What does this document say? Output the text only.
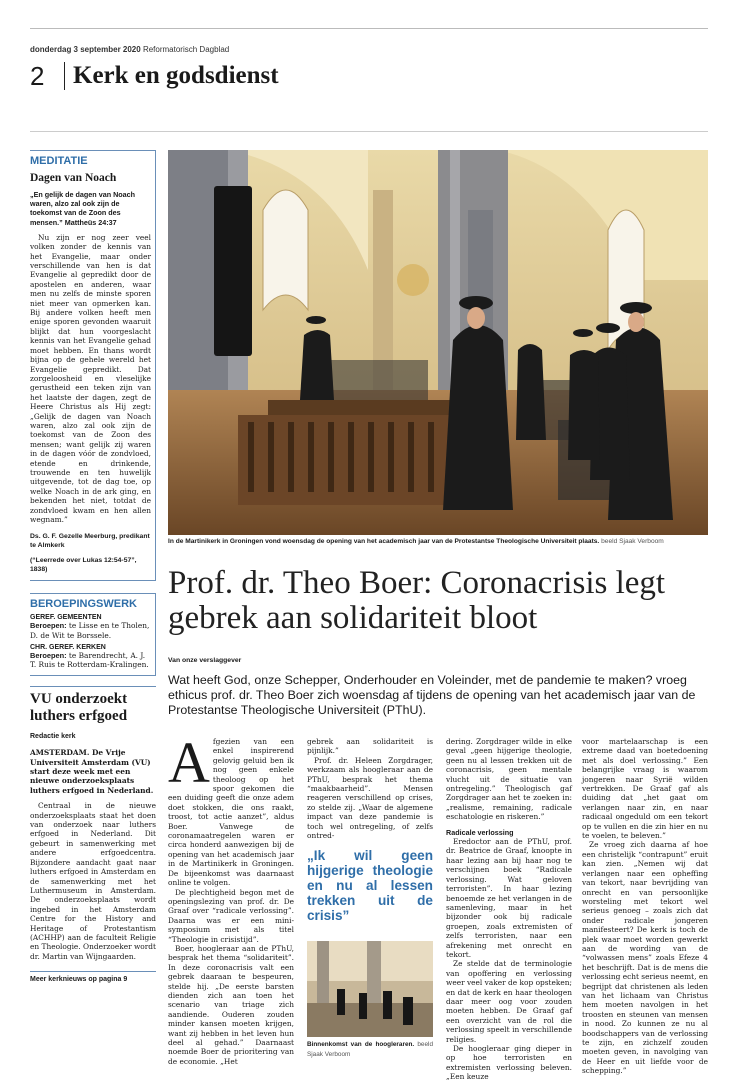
donderdag 3 september 2020 Reformatorisch Dagblad
2	Kerk en godsdienst
MEDITATIE
Dagen van Noach
„En gelijk de dagen van Noach waren, alzo zal ook zijn de toekomst van de Zoon des mensen.” Mattheüs 24:37
Nu zijn er nog zeer veel volken zonder de kennis van het Evangelie, maar onder verschillende van hen is dat Evangelie al gepredikt door de apostelen en anderen, waar men nu zelfs de minste sporen niet meer van opmerken kan. Bij andere volken heeft men enige sporen gevonden waaruit blijkt dat hun voorgeslacht kennis van het Evangelie gehad moet hebben. En thans wordt bijna op de gehele wereld het Evangelie gepredikt. Dat zorgeloosheid en vleselijke gerustheid een teken zijn van het laatste der dagen, zegt de Heere Christus als Hij zegt: „Gelijk de dagen van Noach waren, alzo zal ook zijn de toekomst van de Zoon des mensen; want gelijk zij waren in de dagen vóór de zondvloed, etende en drinkende, trouwende en ten huwelijk uitgevende, tot de dag toe, op welke Noach in de ark ging, en bekenden het niet, totdat de zondvloed kwam en hen allen wegnam.”
Ds. G. F. Gezelle Meerburg, predikant te Almkerk
(“Leerrede over Lukas 12:54-57”, 1838)
BEROEPINGSWERK
GEREF. GEMEENTEN
Beroepen: te Lisse en te Tholen, D. de Wit te Borssele.
CHR. GEREF. KERKEN
Beroepen: te Barendrecht, A. J. T. Ruis te Rotterdam-Kralingen.
VU onderzoekt luthers erfgoed
Redactie kerk
AMSTERDAM. De Vrije Universiteit Amsterdam (VU) start deze week met een nieuwe onderzoeksplaats luthers erfgoed in Nederland.
Centraal in de nieuwe onderzoeksplaats staat het doen van onderzoek naar luthers erfgoed in Nederland. Dit gebeurt in samenwerking met andere erfgoedcentra. Bijzondere aandacht gaat naar luthers erfgoed in Amsterdam en de samenwerking met het Luthermuseum in Amsterdam. De onderzoeksplaats wordt ingebed in het Amsterdam Centre for the History and Heritage of Protestantism (ACHHP) aan de faculteit Religie en Theologie. Onderzoeker wordt dr. Martin van Wijngaarden.
Meer kerknieuws op pagina 9
In de Martinikerk in Groningen vond woensdag de opening van het academisch jaar van de Protestantse Theologische Universiteit plaats. beeld Sjaak Verboom
Prof. dr. Theo Boer: Coronacrisis legt gebrek aan solidariteit bloot
Van onze verslaggever
Wat heeft God, onze Schepper, Onderhouder en Voleinder, met de pandemie te maken? vroeg ethicus prof. dr. Theo Boer zich woensdag af tijdens de opening van het academisch jaar van de Protestantse Theologische Universiteit (PThU).

Afgezien van een enkel inspirerend gelovig geluid ben ik nog geen enkele theoloog op het spoor gekomen die een duiding geeft die onze adem doet stokken, die ons raakt, troost, tot actie aanzet”, aldus Boer. Vanwege de coronamaatregelen waren er circa honderd aanwezigen bij de opening van het academisch jaar in de Martinikerk in Groningen. De bijeenkomst was daarnaast online te volgen.

De plechtigheid begon met de openingslezing van prof. dr. De Graaf over “radicale verlossing”. Daarna was er een mini-symposium met als titel “Theologie in crisistijd”.

Boer, hoogleraar aan de PThU, besprak het thema “solidariteit”. In deze coronacrisis valt een gebrek daaraan te bespeuren, stelde hij. „De eerste barsten dienden zich aan toen het scenario van triage zich aandiende. Ouderen zouden minder kansen moeten krijgen, want zij hebben in het leven hun deel al gehad.” Daarnaast noemde Boer de prioritering van de economie. „Het

gebrek aan solidariteit is pijnlijk.”

Prof. dr. Heleen Zorgdrager, werkzaam als hoogleraar aan de PThU, besprak het thema “maakbaarheid”. Mensen reageren verschillend op crises, zo stelde zij. „Waar de algemene impact van deze pandemie is toch wel ontregeling, of zelfs ontred-

„Ik wil geen hijgerige theologie en nu al lessen trekken uit de crisis”
Binnenkomst van de hoogleraren. beeld Sjaak Verboom

dering. Zorgdrager wilde in elke geval „geen hijgerige theologie, geen nu al lessen trekken uit de coronacrisis, geen mentale vlucht uit de situatie van ontregeling.” Theologisch gaf Zorgdrager aan het te zoeken in: „realisme, remaining, radicale eschatologie en riskeren.”

Radicale verlossing

Eredoctor aan de PThU, prof. dr. Beatrice de Graaf, knoopte in haar lezing aan bij haar nog te verschijnen boek “Radicale verlossing. Wat geloven terroristen”. In haar lezing benoemde ze het verlangen in de samenleving, maar in het bijzonder ook bij radicale groepen, zoals extremisten of zelfs terroristen, naar een afrekening met onrecht en tekort.

Ze stelde dat de terminologie van opoffering en verlossing weer veel vaker de kop opsteken; en dat de kerk en haar theologen daar meer oog voor zouden moeten hebben. De Graaf gaf een overzicht van de rol die verlossing speelt in verschillende religies.

De hoogleraar ging dieper in op hoe terroristen en extremisten verlossing beleven. „Een keuze

voor martelaarschap is een extreme daad van boetedoening met als doel verlossing.” Een belangrijke vraag is waarom jongeren naar Syrië wilden vertrekken. De Graaf gaf als duiding dat „het gaat om verlangen naar zin, en naar radicaal ongeduld om een tekort op te vullen en die zin hier en nu te voelen, te beleven.”

Ze vroeg zich daarna af hoe een christelijk “contrapunt” eruit kan zien. „Nemen wij dat verlangen naar een opheffing van tekort, naar bevrijding van onrecht en van persoonlijke worsteling met tekort wel serieus genoeg – zoals zich dat onder radicale jongeren manifesteert? De kerk is toch de plek waar moet worden gewerkt aan de wording van de “volwassen mens” zoals Efeze 4 het beschrijft. Dat is de mens die verlossing echt serieus neemt, en begrijpt dat christenen als leden van het lichaam van Christus hem moeten navolgen in het troosten en steunen van mensen in nood. Zo kunnen ze nu al boodschappers van de verlossing te zijn, en zichzelf zouden moeten geven, in navolging van de Heer en uit liefde voor de schepping.”
